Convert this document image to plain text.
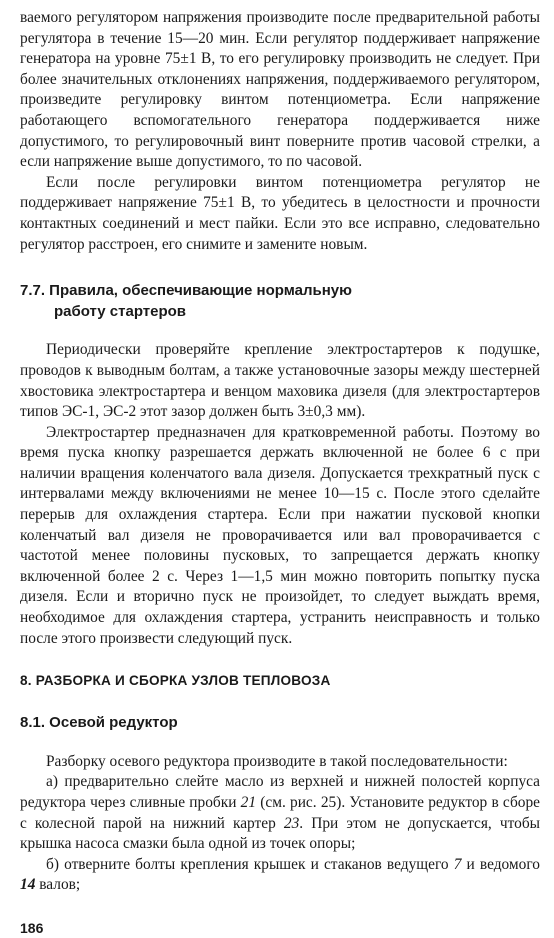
ваемого регулятором напряжения производите после предварительной работы регулятора в течение 15—20 мин. Если регулятор поддерживает напряжение генератора на уровне 75±1 В, то его регулировку производить не следует. При более значительных отклонениях напряжения, поддерживаемого регулятором, произведите регулировку винтом потенциометра. Если напряжение работающего вспомогательного генератора поддерживается ниже допустимого, то регулировочный винт поверните против часовой стрелки, а если напряжение выше допустимого, то по часовой.

Если после регулировки винтом потенциометра регулятор не поддерживает напряжение 75±1 В, то убедитесь в целостности и прочности контактных соединений и мест пайки. Если это все исправно, следовательно регулятор расстроен, его снимите и замените новым.

7.7. Правила, обеспечивающие нормальную
работу стартеров

Периодически проверяйте крепление электростартеров к подушке, проводов к выводным болтам, а также установочные зазоры между шестерней хвостовика электростартера и венцом маховика дизеля (для электростартеров типов ЭС-1, ЭС-2 этот зазор должен быть 3±0,3 мм).

Электростартер предназначен для кратковременной работы. Поэтому во время пуска кнопку разрешается держать включенной не более 6 с при наличии вращения коленчатого вала дизеля. Допускается трехкратный пуск с интервалами между включениями не менее 10—15 с. После этого сделайте перерыв для охлаждения стартера. Если при нажатии пусковой кнопки коленчатый вал дизеля не проворачивается или вал проворачивается с частотой менее половины пусковых, то запрещается держать кнопку включенной более 2 с. Через 1—1,5 мин можно повторить попытку пуска дизеля. Если и вторично пуск не произойдет, то следует выждать время, необходимое для охлаждения стартера, устранить неисправность и только после этого произвести следующий пуск.

8. РАЗБОРКА И СБОРКА УЗЛОВ ТЕПЛОВОЗА
8.1. Осевой редуктор

Разборку осевого редуктора производите в такой последовательности:

а) предварительно слейте масло из верхней и нижней полостей корпуса редуктора через сливные пробки 21 (см. рис. 25). Установите редуктор в сборе с колесной парой на нижний картер 23. При этом не допускается, чтобы крышка насоса смазки была одной из точек опоры;

б) отверните болты крепления крышек и стаканов ведущего 7 и ведомого 14 валов;

186
